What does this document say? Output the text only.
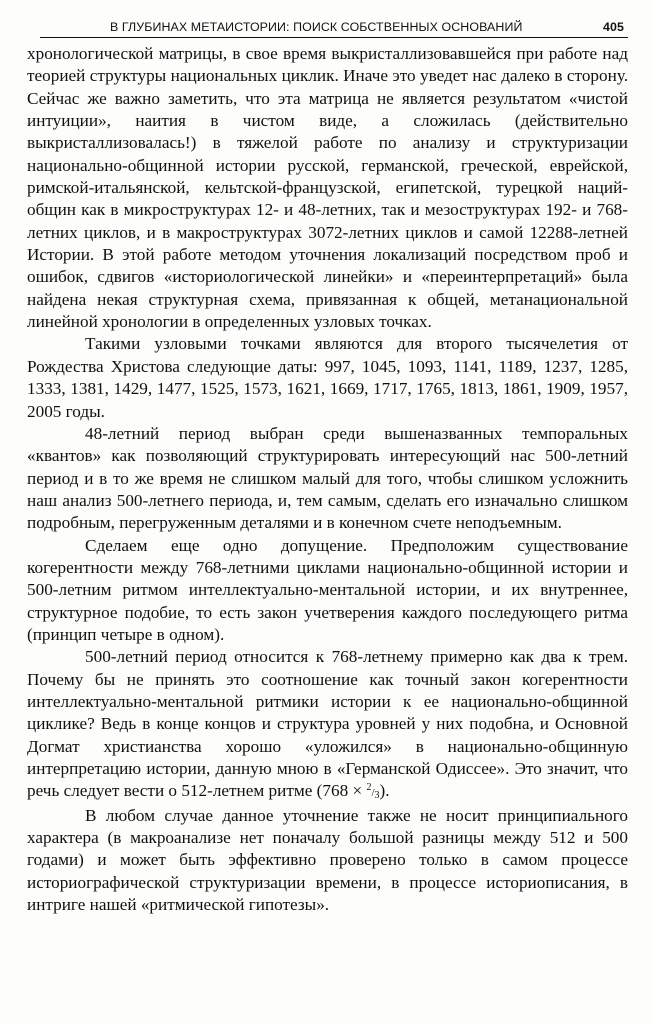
В ГЛУБИНАХ МЕТАИСТОРИИ: ПОИСК СОБСТВЕННЫХ ОСНОВАНИЙ	405

хронологической матрицы, в свое время выкристаллизовавшейся при работе над теорией структуры национальных циклик. Иначе это уведет нас далеко в сторону. Сейчас же важно заметить, что эта матрица не является результатом «чистой интуиции», наития в чистом виде, а сложилась (действительно выкристаллизовалась!) в тяжелой работе по анализу и структуризации национально-общинной истории русской, германской, греческой, еврейской, римской-итальянской, кельтской-французской, египетской, турецкой наций-общин как в микроструктурах 12- и 48-летних, так и мезоструктурах 192- и 768-летних циклов, и в макроструктурах 3072-летних циклов и самой 12288-летней Истории. В этой работе методом уточнения локализаций посредством проб и ошибок, сдвигов «историологической линейки» и «переинтерпретаций» была найдена некая структурная схема, привязанная к общей, метанациональной линейной хронологии в определенных узловых точках.

Такими узловыми точками являются для второго тысячелетия от Рождества Христова следующие даты: 997, 1045, 1093, 1141, 1189, 1237, 1285, 1333, 1381, 1429, 1477, 1525, 1573, 1621, 1669, 1717, 1765, 1813, 1861, 1909, 1957, 2005 годы.

48-летний период выбран среди вышеназванных темпоральных «квантов» как позволяющий структурировать интересующий нас 500-летний период и в то же время не слишком малый для того, чтобы слишком усложнить наш анализ 500-летнего периода, и, тем самым, сделать его изначально слишком подробным, перегруженным деталями и в конечном счете неподъемным.

Сделаем еще одно допущение. Предположим существование когерентности между 768-летними циклами национально-общинной истории и 500-летним ритмом интеллектуально-ментальной истории, и их внутреннее, структурное подобие, то есть закон учетверения каждого последующего ритма (принцип четыре в одном).

500-летний период относится к 768-летнему примерно как два к трем. Почему бы не принять это соотношение как точный закон когерентности интеллектуально-ментальной ритмики истории к ее национально-общинной циклике? Ведь в конце концов и структура уровней у них подобна, и Основной Догмат христианства хорошо «уложился» в национально-общинную интерпретацию истории, данную мною в «Германской Одиссее». Это значит, что речь следует вести о 512-летнем ритме $(768 \times ^2/_3)$.

В любом случае данное уточнение также не носит принципиального характера (в макроанализе нет поначалу большой разницы между 512 и 500 годами) и может быть эффективно проверено только в самом процессе историографической структуризации времени, в процессе историописания, в интриге нашей «ритмической гипотезы».
